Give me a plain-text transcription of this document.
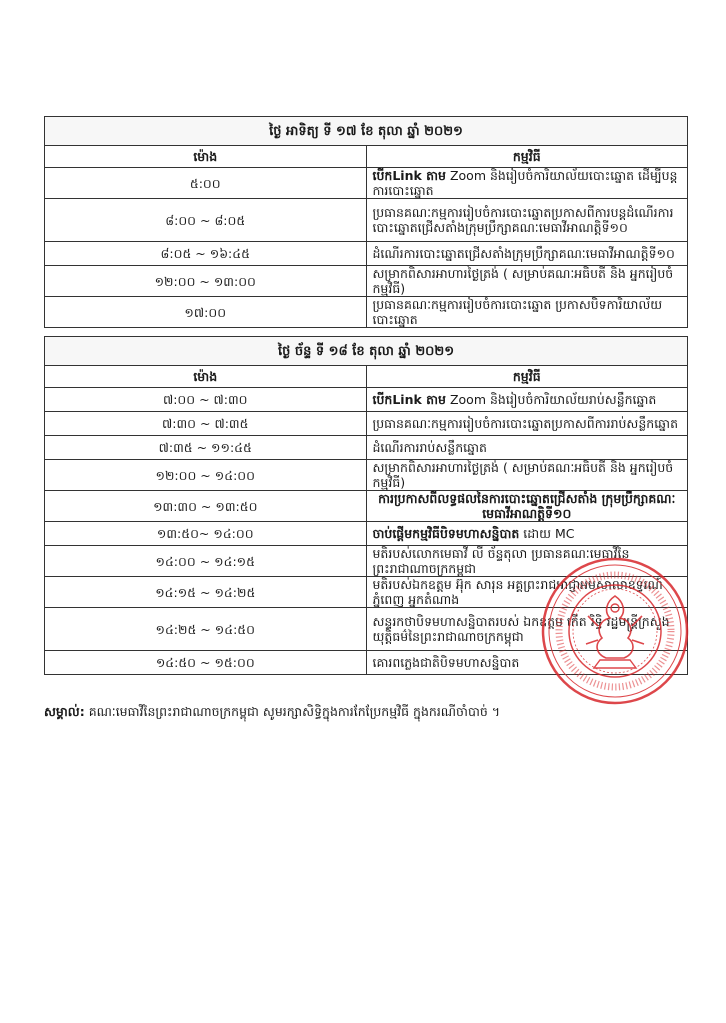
ថ្ងៃ អាទិត្យ ទី ១៧ ខែ តុលា ឆ្នាំ ២០២១	
ម៉ោង	កម្មវិធី
៥:០០	បើកLink តាម Zoom និងរៀបចំការិយាល័យបោះឆ្នោត ដើម្បីបន្តការបោះឆ្នោត
៨:០០ ~ ៨:០៥	ប្រធានគណៈកម្មការរៀបចំការបោះឆ្នោតប្រកាសពីការបន្តដំណើរការបោះឆ្នោតជ្រើសតាំងក្រុមប្រឹក្សាគណៈមេធាវីអាណត្តិទី១០
៨:០៥ ~ ១៦:៤៥	ដំណើរការបោះឆ្នោតជ្រើសតាំងក្រុមប្រឹក្សាគណៈមេធាវីអាណត្តិទី១០
១២:០០ ~ ១៣:០០	សម្រាកពិសារអាហារថ្ងៃត្រង់ ( សម្រាប់គណៈអធិបតី និង អ្នករៀបចំកម្មវិធី)
១៧:០០	ប្រធានគណៈកម្មការរៀបចំការបោះឆ្នោត ប្រកាសបិទការិយាល័យបោះឆ្នោត
ថ្ងៃ ច័ន្ទ ទី ១៨ ខែ តុលា ឆ្នាំ ២០២១	
ម៉ោង	កម្មវិធី
៧:០០ ~ ៧:៣០	បើកLink តាម Zoom និងរៀបចំការិយាល័យរាប់សន្លឹកឆ្នោត
៧:៣០ ~ ៧:៣៥	ប្រធានគណៈកម្មការរៀបចំការបោះឆ្នោតប្រកាសពីការរាប់សន្លឹកឆ្នោត
៧:៣៥ ~ ១១:៤៥	ដំណើរការរាប់សន្លឹកឆ្នោត
១២:០០ ~ ១៤:០០	សម្រាកពិសារអាហារថ្ងៃត្រង់ ( សម្រាប់គណៈអធិបតី និង អ្នករៀបចំកម្មវិធី)
១៣:៣០ ~ ១៣:៥០	ការប្រកាសពីលទ្ធផលនៃការបោះឆ្នោតជ្រើសតាំង ក្រុមប្រឹក្សាគណៈមេធាវីអាណត្តិទី១០
១៣:៥០~ ១៤:០០	ចាប់ផ្តើមកម្មវិធីបិទមហាសន្និបាត ដោយ MC
១៤:០០ ~ ១៤:១៥	មតិរបស់លោកមេធាវី លី ច័ន្ទតុលា ប្រធានគណៈមេធាវីនៃព្រះរាជាណាចក្រកម្ពុជា
១៤:១៥ ~ ១៤:២៥	មតិរបស់ឯកឧត្តម អ៊ុក សារុន អគ្គព្រះរាជអាជ្ញាអមសាលាឧទ្ធរណ៍ភ្នំពេញ អ្នកតំណាង
១៤:២៥ ~ ១៤:៥០	សន្ទរកថាបិទមហាសន្និបាតរបស់ ឯកឧត្តម កើត រិទ្ធិ រដ្ឋមន្ត្រីក្រសួងយុត្តិធម៌នៃព្រះរាជាណាចក្រកម្ពុជា
១៤:៥០ ~ ១៥:០០	គោរពភ្លេងជាតិបិទមហាសន្និបាត
សម្គាល់: គណៈមេធាវីនៃព្រះរាជាណាចក្រកម្ពុជា សូមរក្សាសិទ្ធិក្នុងការកែប្រែកម្មវិធី ក្នុងករណីចាំបាច់ ។
